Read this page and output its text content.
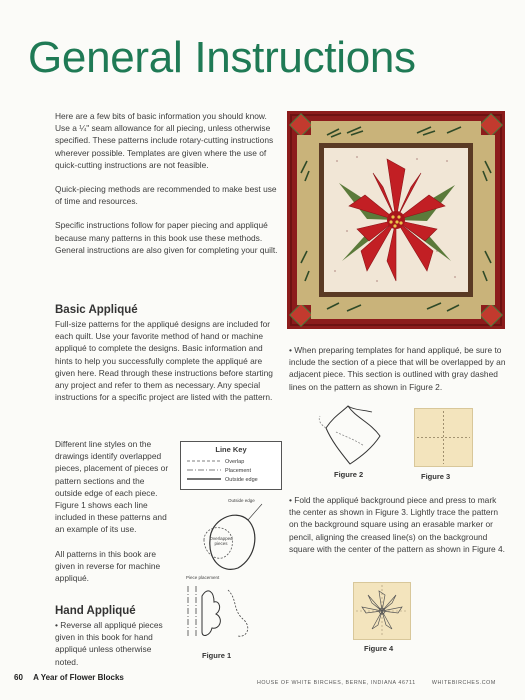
General Instructions

Here are a few bits of basic information you should know. Use a ¼" seam allowance for all piecing, unless otherwise specified. These patterns include rotary-cutting instructions wherever possible. Templates are given where the use of quick-cutting instructions are not feasible.

Quick-piecing methods are recommended to make best use of time and resources.

Specific instructions follow for paper piecing and appliqué because many patterns in this book use these methods. General instructions are also given for completing your quilt.

Basic Appliqué

Full-size patterns for the appliqué designs are included for each quilt. Use your favorite method of hand or machine appliqué to complete the designs. Basic information and hints to help you successfully complete the appliqué are given here. Read through these instructions before starting any project and refer to them as necessary. Any special instructions for a specific project are listed with the pattern.

Different line styles on the drawings identify overlapped pieces, placement of pieces or pattern sections and the outside edge of each piece. Figure 1 shows each line included in these patterns and an example of its use.

All patterns in this book are given in reverse for machine appliqué.

Hand Appliqué

• Reverse all appliqué pieces given in this book for hand appliqué unless otherwise noted.

Line Key
Overlap
Placement
Outside edge
Outside edge
Overlapped pieces
Piece placement
Figure 1

• When preparing templates for hand appliqué, be sure to include the section of a piece that will be overlapped by an adjacent piece. This section is outlined with gray dashed lines on the pattern as shown in Figure 2.

Figure 2	Figure 3

• Fold the appliqué background piece and press to mark the center as shown in Figure 3. Lightly trace the pattern on the background square using an erasable marker or pencil, aligning the creased line(s) on the background square with the center of the pattern as shown in Figure 4.

Figure 4
60 A Year of Flower Blocks
HOUSE OF WHITE BIRCHES, BERNE, INDIANA 46711	WHITEBIRCHES.COM
